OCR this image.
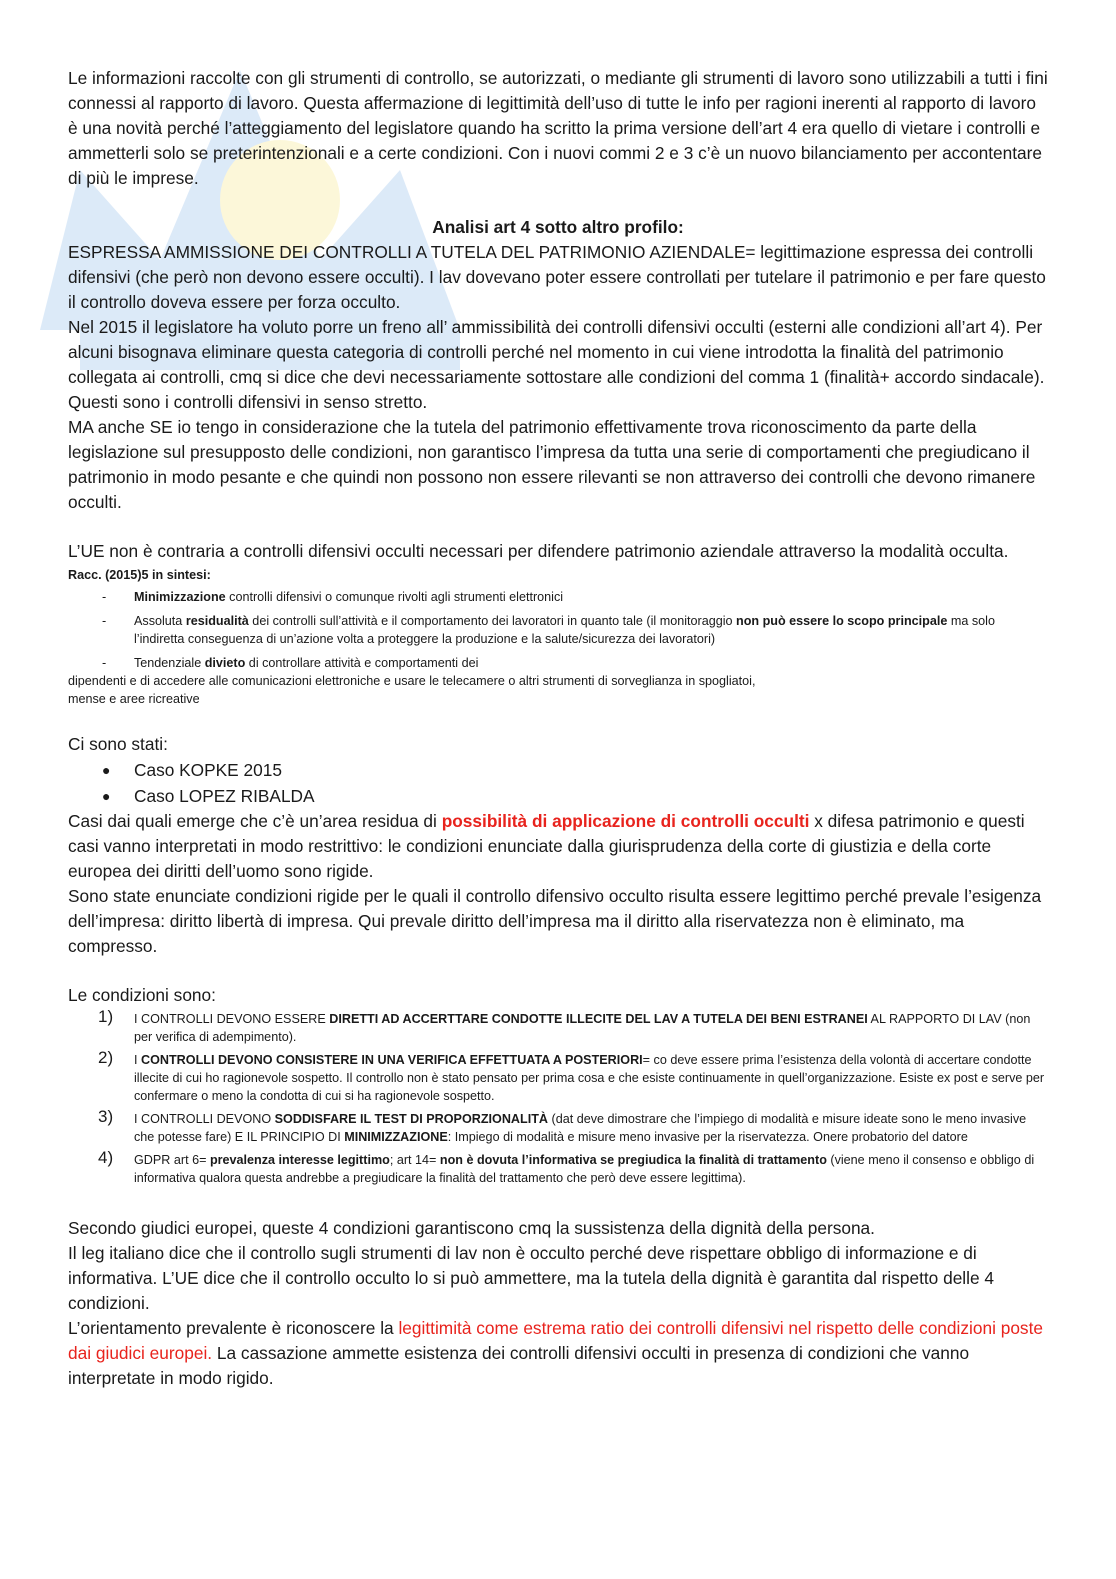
Le informazioni raccolte con gli strumenti di controllo, se autorizzati, o mediante gli strumenti di lavoro sono utilizzabili a tutti i fini connessi al rapporto di lavoro. Questa affermazione di legittimità dell’uso di tutte le info per ragioni inerenti al rapporto di lavoro è una novità perché l’atteggiamento del legislatore quando ha scritto la prima versione dell’art 4 era quello di vietare i controlli e ammetterli solo se preterintenzionali e a certe condizioni. Con i nuovi commi 2 e 3 c’è un nuovo bilanciamento per accontentare di più le imprese.

Analisi art 4 sotto altro profilo:

ESPRESSA AMMISSIONE DEI CONTROLLI A TUTELA DEL PATRIMONIO AZIENDALE= legittimazione espressa dei controlli difensivi (che però non devono essere occulti). I lav dovevano poter essere controllati per tutelare il patrimonio e per fare questo il controllo doveva essere per forza occulto.

Nel 2015 il legislatore ha voluto porre un freno all’ ammissibilità dei controlli difensivi occulti (esterni alle condizioni all’art 4). Per alcuni bisognava eliminare questa categoria di controlli perché nel momento in cui viene introdotta la finalità del patrimonio collegata ai controlli, cmq si dice che devi necessariamente sottostare alle condizioni del comma 1 (finalità+ accordo sindacale). Questi sono i controlli difensivi in senso stretto.

MA anche SE io tengo in considerazione che la tutela del patrimonio effettivamente trova riconoscimento da parte della legislazione sul presupposto delle condizioni, non garantisco l’impresa da tutta una serie di comportamenti che pregiudicano il patrimonio in modo pesante e che quindi non possono non essere rilevanti se non attraverso dei controlli che devono rimanere occulti.

L’UE non è contraria a controlli difensivi occulti necessari per difendere patrimonio aziendale attraverso la modalità occulta.

Racc. (2015)5 in sintesi:

- Minimizzazione controlli difensivi o comunque rivolti agli strumenti elettronici
- Assoluta residualità dei controlli sull’attività e il comportamento dei lavoratori in quanto tale (il monitoraggio non può essere lo scopo principale ma solo l’indiretta conseguenza di un’azione volta a proteggere la produzione e la salute/sicurezza dei lavoratori)
- Tendenziale divieto di controllare attività e comportamenti dei

dipendenti e di accedere alle comunicazioni elettroniche e usare le telecamere o altri strumenti di sorveglianza in spogliatoi,

mense e aree ricreative

Ci sono stati:

● Caso KOPKE 2015
● Caso LOPEZ RIBALDA

Casi dai quali emerge che c’è un’area residua di possibilità di applicazione di controlli occulti x difesa patrimonio e questi casi vanno interpretati in modo restrittivo: le condizioni enunciate dalla giurisprudenza della corte di giustizia e della corte europea dei diritti dell’uomo sono rigide.

Sono state enunciate condizioni rigide per le quali il controllo difensivo occulto risulta essere legittimo perché prevale l’esigenza dell’impresa: diritto libertà di impresa. Qui prevale diritto dell’impresa ma il diritto alla riservatezza non è eliminato, ma compresso.

Le condizioni sono:

1) I CONTROLLI DEVONO ESSERE DIRETTI AD ACCERTTARE CONDOTTE ILLECITE DEL LAV A TUTELA DEI BENI ESTRANEI AL RAPPORTO DI LAV (non per verifica di adempimento).
2) I CONTROLLI DEVONO CONSISTERE IN UNA VERIFICA EFFETTUATA A POSTERIORI= co deve essere prima l’esistenza della volontà di accertare condotte illecite di cui ho ragionevole sospetto. Il controllo non è stato pensato per prima cosa e che esiste continuamente in quell’organizzazione. Esiste ex post e serve per confermare o meno la condotta di cui si ha ragionevole sospetto.
3) I CONTROLLI DEVONO SODDISFARE IL TEST DI PROPORZIONALITÀ (dat deve dimostrare che l’impiego di modalità e misure ideate sono le meno invasive che potesse fare) E IL PRINCIPIO DI MINIMIZZAZIONE: Impiego di modalità e misure meno invasive per la riservatezza. Onere probatorio del datore
4) GDPR art 6= prevalenza interesse legittimo; art 14= non è dovuta l’informativa se pregiudica la finalità di trattamento (viene meno il consenso e obbligo di informativa qualora questa andrebbe a pregiudicare la finalità del trattamento che però deve essere legittima).

Secondo giudici europei, queste 4 condizioni garantiscono cmq la sussistenza della dignità della persona.

Il leg italiano dice che il controllo sugli strumenti di lav non è occulto perché deve rispettare obbligo di informazione e di informativa. L’UE dice che il controllo occulto lo si può ammettere, ma la tutela della dignità è garantita dal rispetto delle 4 condizioni.

L’orientamento prevalente è riconoscere la legittimità come estrema ratio dei controlli difensivi nel rispetto delle condizioni poste dai giudici europei. La cassazione ammette esistenza dei controlli difensivi occulti in presenza di condizioni che vanno interpretate in modo rigido.
